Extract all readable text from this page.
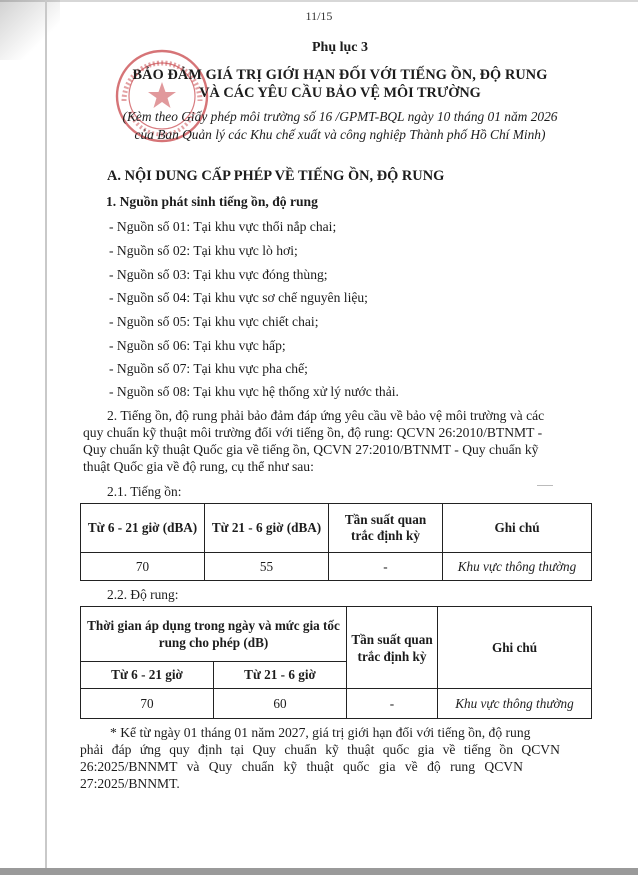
11/15
Phụ lục 3
BẢO ĐẢM GIÁ TRỊ GIỚI HẠN ĐỐI VỚI TIẾNG ỒN, ĐỘ RUNG
VÀ CÁC YÊU CẦU BẢO VỆ MÔI TRƯỜNG
(Kèm theo Giấy phép môi trường số 16 /GPMT-BQL ngày 10 tháng 01 năm 2026
của Ban Quản lý các Khu chế xuất và công nghiệp Thành phố Hồ Chí Minh)
A. NỘI DUNG CẤP PHÉP VỀ TIẾNG ỒN, ĐỘ RUNG
1. Nguồn phát sinh tiếng ồn, độ rung
- Nguồn số 01: Tại khu vực thổi nắp chai;
- Nguồn số 02: Tại khu vực lò hơi;
- Nguồn số 03: Tại khu vực đóng thùng;
- Nguồn số 04: Tại khu vực sơ chế nguyên liệu;
- Nguồn số 05: Tại khu vực chiết chai;
- Nguồn số 06: Tại khu vực hấp;
- Nguồn số 07: Tại khu vực pha chế;
- Nguồn số 08: Tại khu vực hệ thống xử lý nước thải.
2. Tiếng ồn, độ rung phải bảo đảm đáp ứng yêu cầu về bảo vệ môi trường và các
quy chuẩn kỹ thuật môi trường đối với tiếng ồn, độ rung: QCVN 26:2010/BTNMT -
Quy chuẩn kỹ thuật Quốc gia về tiếng ồn, QCVN 27:2010/BTNMT - Quy chuẩn kỹ
thuật Quốc gia về độ rung, cụ thể như sau:
2.1. Tiếng ồn:
Từ 6 - 21 giờ (dBA)	Từ 21 - 6 giờ (dBA)	Tần suất quan trắc định kỳ	Ghi chú
70	55	-	Khu vực thông thường
2.2. Độ rung:
Thời gian áp dụng trong ngày và mức gia tốc rung cho phép (dB)		Tần suất quan trắc định kỳ	Ghi chú
Từ 6 - 21 giờ	Từ 21 - 6 giờ		
70	60	-	Khu vực thông thường
* Kể từ ngày 01 tháng 01 năm 2027, giá trị giới hạn đối với tiếng ồn, độ rung
phải đáp ứng quy định tại Quy chuẩn kỹ thuật quốc gia về tiếng ồn QCVN
26:2025/BNNMT và Quy chuẩn kỹ thuật quốc gia về độ rung QCVN
27:2025/BNNMT.
